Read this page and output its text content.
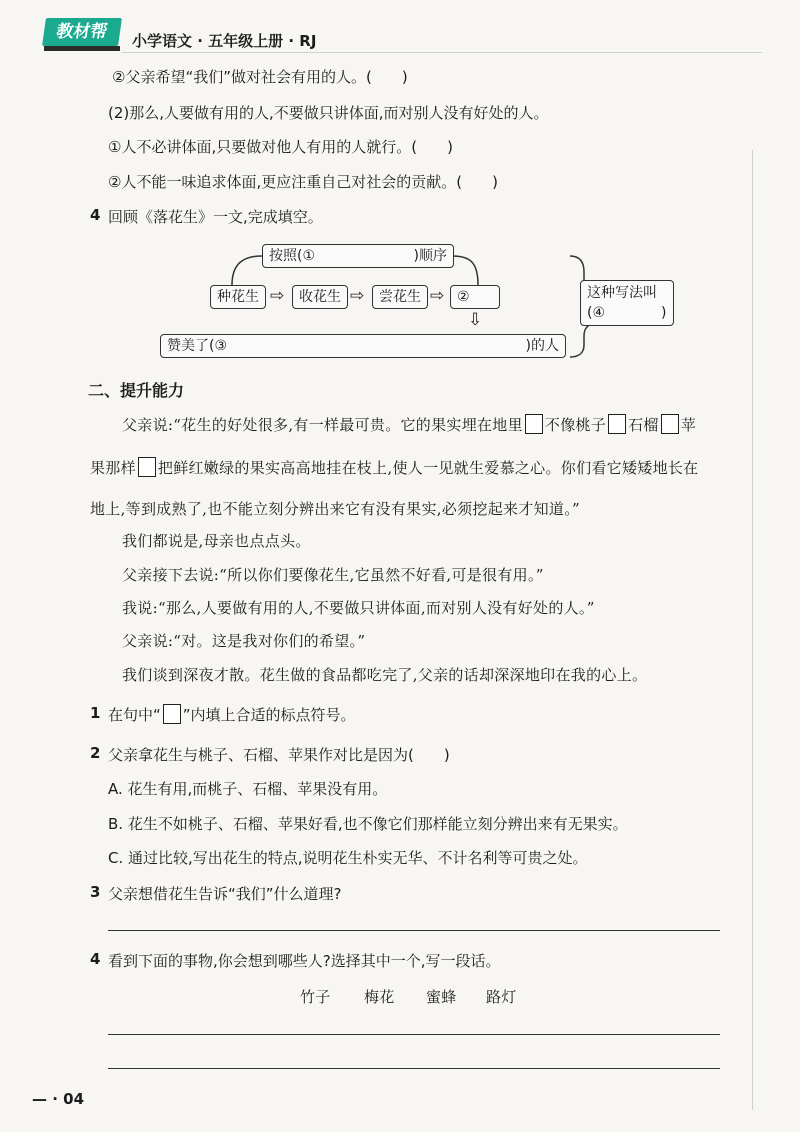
教材帮	小学语文 · 五年级上册 · RJ
②父亲希望“我们”做对社会有用的人。(　　)
(2)那么,人要做有用的人,不要做只讲体面,而对别人没有好处的人。
①人不必讲体面,只要做对他人有用的人就行。(　　)
②人不能一味追求体面,更应注重自己对社会的贡献。(　　)
4 回顾《落花生》一文,完成填空。
按照(①	)顺序
种花生 ⇨	收花生 ⇨	尝花生 ⇨ ②
⇩
赞美了(③	)的人
这种写法叫
(④　　　　)
二、提升能力
父亲说:“花生的好处很多,有一样最可贵。它的果实埋在地里 不像桃子 石榴 苹
果那样 把鲜红嫩绿的果实高高地挂在枝上,使人一见就生爱慕之心。你们看它矮矮地长在
地上,等到成熟了,也不能立刻分辨出来它有没有果实,必须挖起来才知道。”
我们都说是,母亲也点点头。
父亲接下去说:“所以你们要像花生,它虽然不好看,可是很有用。”
我说:“那么,人要做有用的人,不要做只讲体面,而对别人没有好处的人。”
父亲说:“对。这是我对你们的希望。”
我们谈到深夜才散。花生做的食品都吃完了,父亲的话却深深地印在我的心上。
1 在句中“ ”内填上合适的标点符号。
2 父亲拿花生与桃子、石榴、苹果作对比是因为(　　)
A. 花生有用,而桃子、石榴、苹果没有用。
B. 花生不如桃子、石榴、苹果好看,也不像它们那样能立刻分辨出来有无果实。
C. 通过比较,写出花生的特点,说明花生朴实无华、不计名利等可贵之处。
3 父亲想借花生告诉“我们”什么道理?
4 看到下面的事物,你会想到哪些人?选择其中一个,写一段话。
竹子 梅花 蜜蜂 路灯
— · 04
